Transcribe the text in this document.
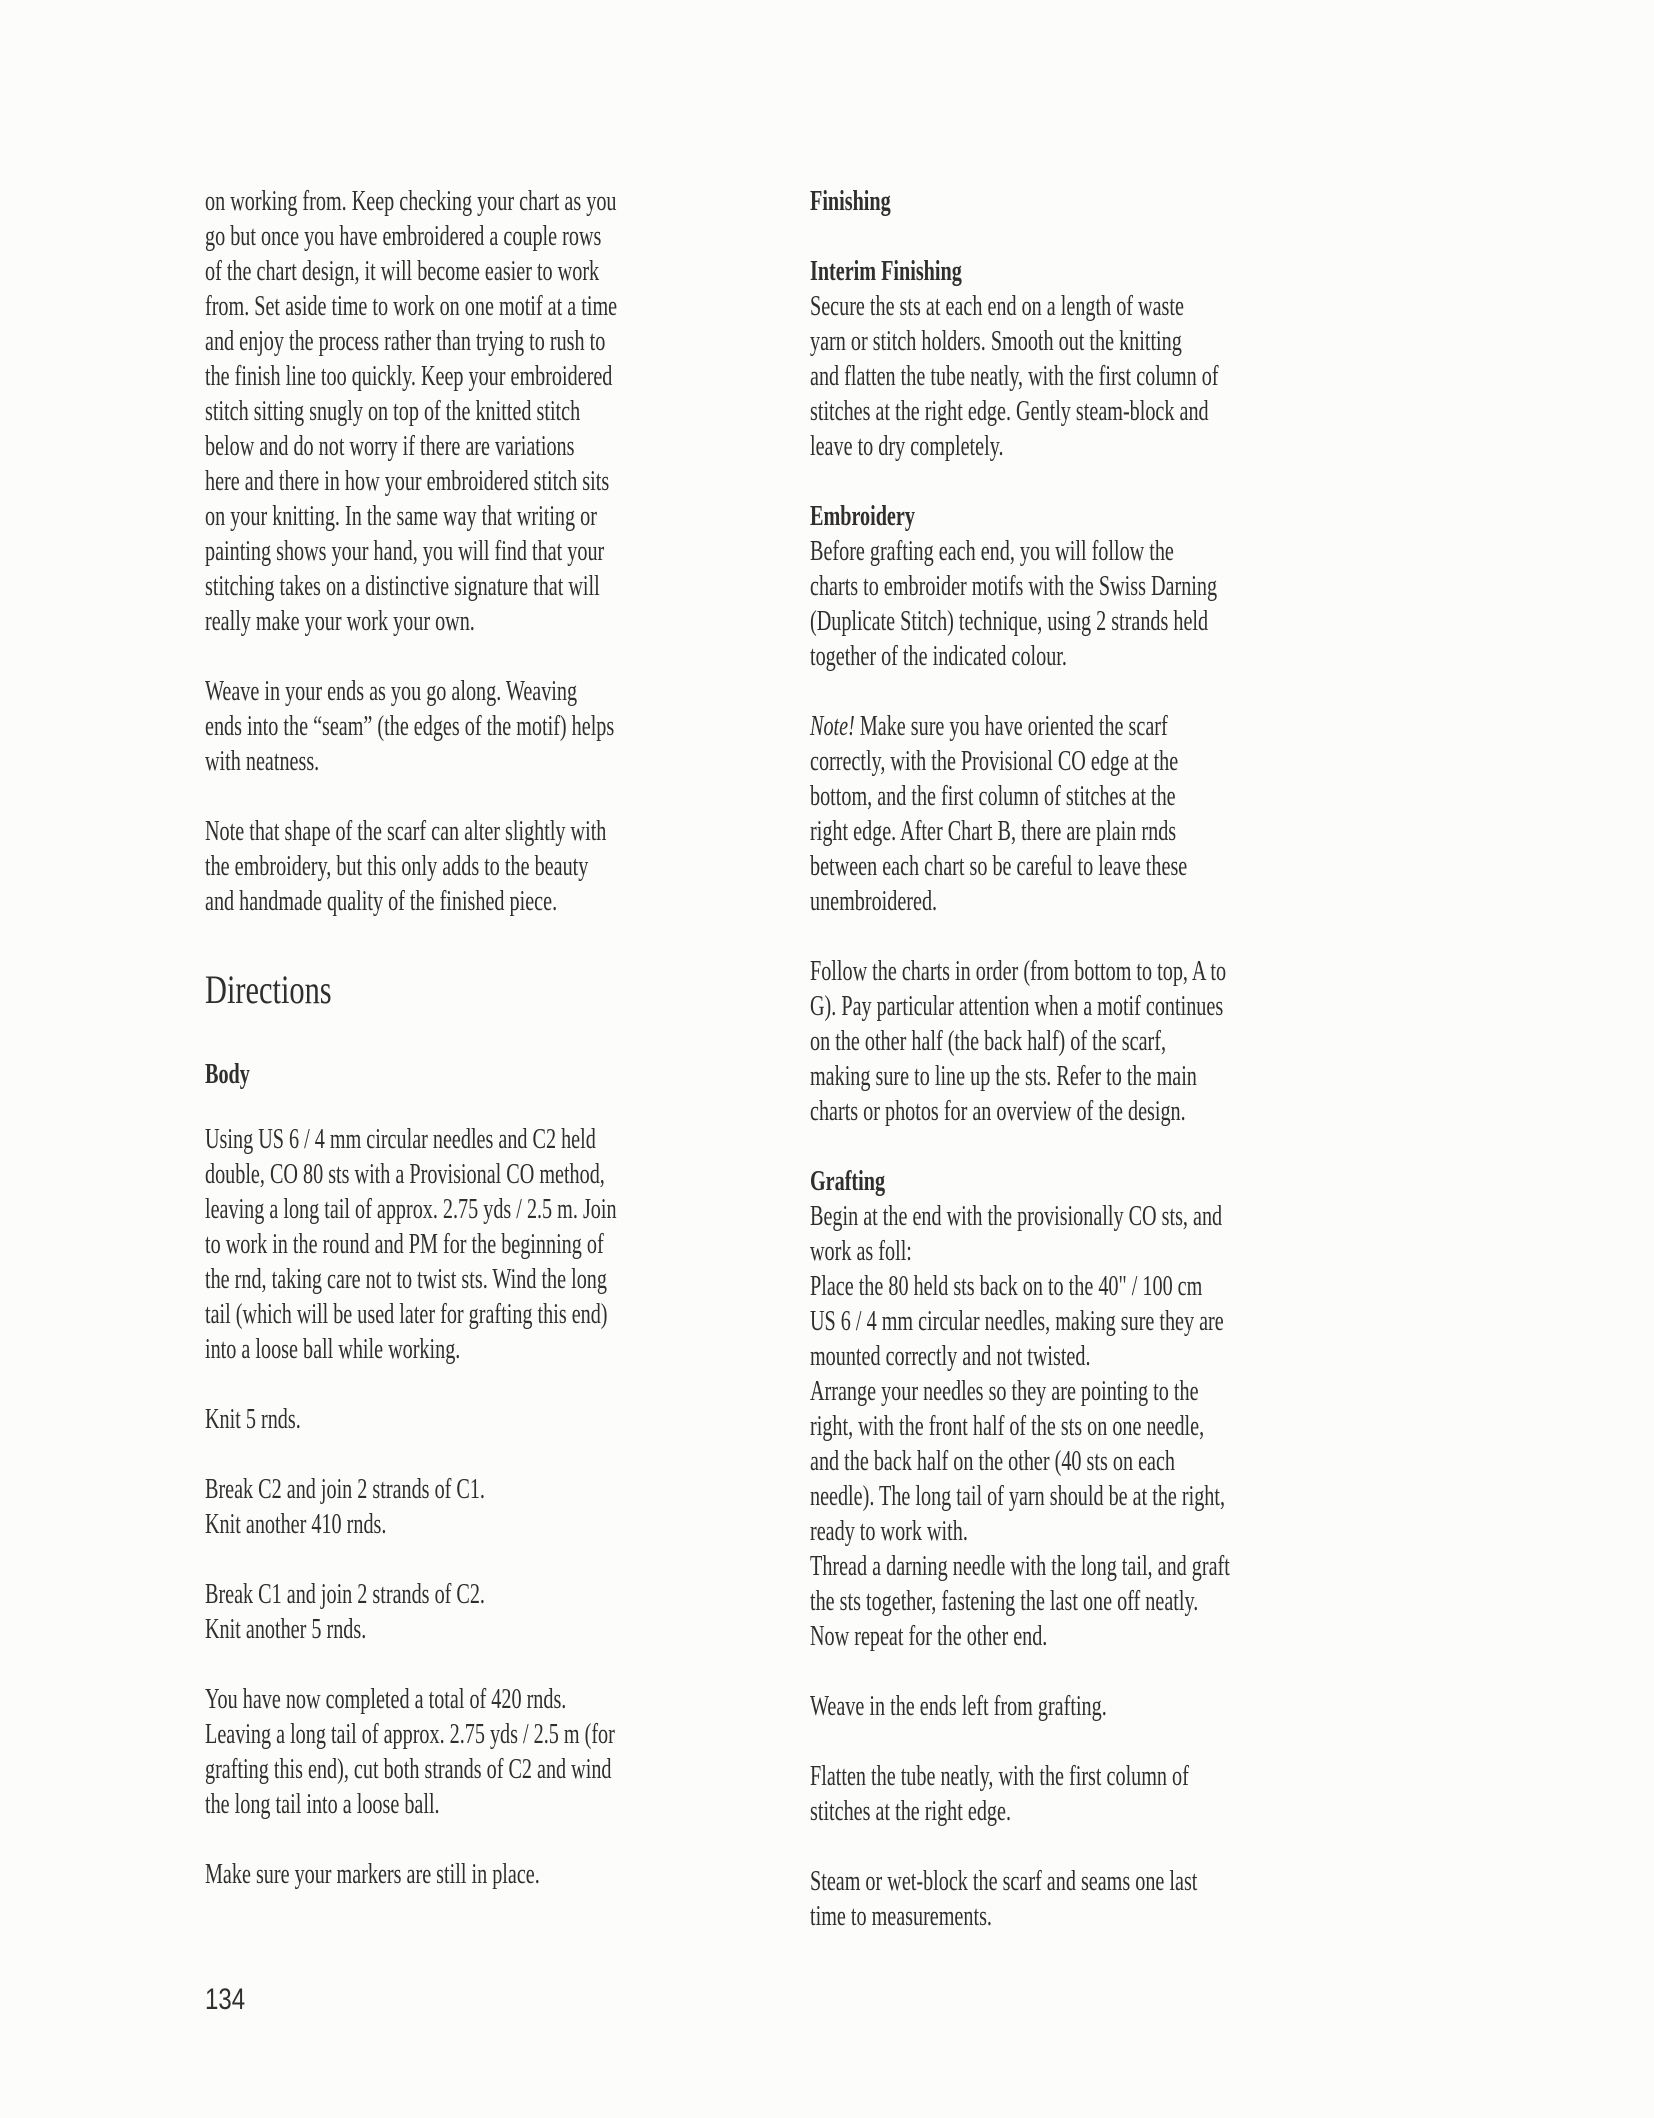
on working from. Keep checking your chart as you
go but once you have embroidered a couple rows
of the chart design, it will become easier to work
from. Set aside time to work on one motif at a time
and enjoy the process rather than trying to rush to
the finish line too quickly. Keep your embroidered
stitch sitting snugly on top of the knitted stitch
below and do not worry if there are variations
here and there in how your embroidered stitch sits
on your knitting. In the same way that writing or
painting shows your hand, you will find that your
stitching takes on a distinctive signature that will
really make your work your own.
Weave in your ends as you go along. Weaving
ends into the “seam” (the edges of the motif) helps
with neatness.
Note that shape of the scarf can alter slightly with
the embroidery, but this only adds to the beauty
and handmade quality of the finished piece.
Directions
Body
Using US 6 / 4 mm circular needles and C2 held
double, CO 80 sts with a Provisional CO method,
leaving a long tail of approx. 2.75 yds / 2.5 m. Join
to work in the round and PM for the beginning of
the rnd, taking care not to twist sts. Wind the long
tail (which will be used later for grafting this end)
into a loose ball while working.
Knit 5 rnds.
Break C2 and join 2 strands of C1.
Knit another 410 rnds.
Break C1 and join 2 strands of C2.
Knit another 5 rnds.
You have now completed a total of 420 rnds.
Leaving a long tail of approx. 2.75 yds / 2.5 m (for
grafting this end), cut both strands of C2 and wind
the long tail into a loose ball.
Make sure your markers are still in place.
134
Finishing
Interim Finishing
Secure the sts at each end on a length of waste
yarn or stitch holders. Smooth out the knitting
and flatten the tube neatly, with the first column of
stitches at the right edge. Gently steam-block and
leave to dry completely.
Embroidery
Before grafting each end, you will follow the
charts to embroider motifs with the Swiss Darning
(Duplicate Stitch) technique, using 2 strands held
together of the indicated colour.
Note! Make sure you have oriented the scarf
correctly, with the Provisional CO edge at the
bottom, and the first column of stitches at the
right edge. After Chart B, there are plain rnds
between each chart so be careful to leave these
unembroidered.
Follow the charts in order (from bottom to top, A to
G). Pay particular attention when a motif continues
on the other half (the back half) of the scarf,
making sure to line up the sts. Refer to the main
charts or photos for an overview of the design.
Grafting
Begin at the end with the provisionally CO sts, and
work as foll:
Place the 80 held sts back on to the 40" / 100 cm
US 6 / 4 mm circular needles, making sure they are
mounted correctly and not twisted.
Arrange your needles so they are pointing to the
right, with the front half of the sts on one needle,
and the back half on the other (40 sts on each
needle). The long tail of yarn should be at the right,
ready to work with.
Thread a darning needle with the long tail, and graft
the sts together, fastening the last one off neatly.
Now repeat for the other end.
Weave in the ends left from grafting.
Flatten the tube neatly, with the first column of
stitches at the right edge.
Steam or wet-block the scarf and seams one last
time to measurements.
